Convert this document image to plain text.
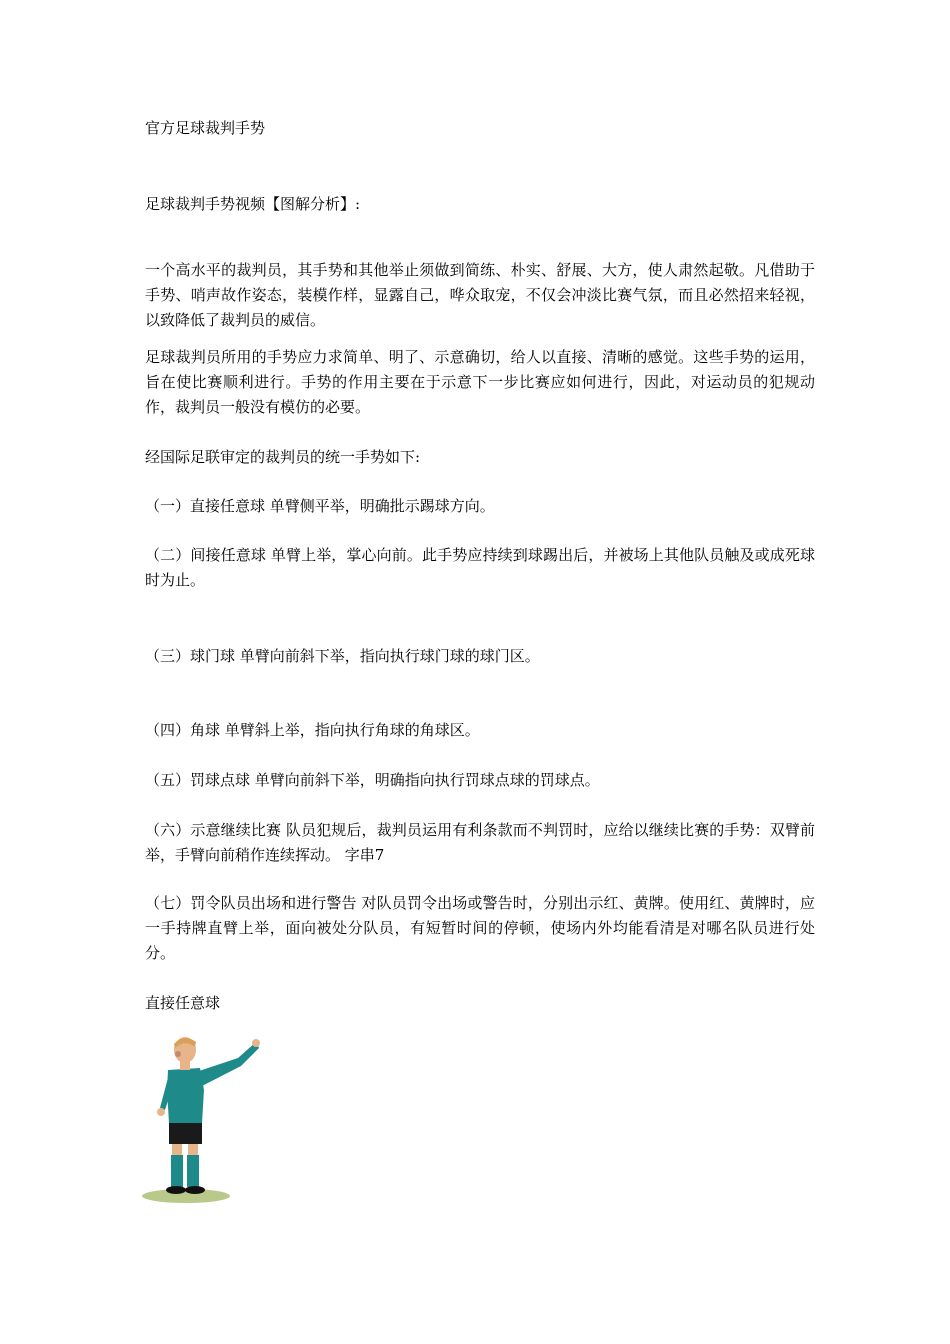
官方足球裁判手势

足球裁判手势视频【图解分析】:

一个高水平的裁判员，其手势和其他举止须做到简练、朴实、舒展、大方，使人肃然起敬。凡借助于手势、哨声故作姿态，装模作样，显露自己，哗众取宠，不仅会冲淡比赛气氛，而且必然招来轻视，以致降低了裁判员的威信。

足球裁判员所用的手势应力求简单、明了、示意确切，给人以直接、清晰的感觉。这些手势的运用，旨在使比赛顺利进行。手势的作用主要在于示意下一步比赛应如何进行，因此，对运动员的犯规动作，裁判员一般没有模仿的必要。

经国际足联审定的裁判员的统一手势如下:

（一）直接任意球 单臂侧平举，明确批示踢球方向。

（二）间接任意球 单臂上举，掌心向前。此手势应持续到球踢出后，并被场上其他队员触及或成死球时为止。

（三）球门球 单臂向前斜下举，指向执行球门球的球门区。

（四）角球 单臂斜上举，指向执行角球的角球区。

（五）罚球点球 单臂向前斜下举，明确指向执行罚球点球的罚球点。

（六）示意继续比赛 队员犯规后，裁判员运用有利条款而不判罚时，应给以继续比赛的手势：双臂前举，手臂向前稍作连续挥动。 字串7

（七）罚令队员出场和进行警告 对队员罚令出场或警告时，分别出示红、黄牌。使用红、黄牌时，应一手持牌直臂上举，面向被处分队员，有短暂时间的停顿，使场内外均能看清是对哪名队员进行处分。

直接任意球
